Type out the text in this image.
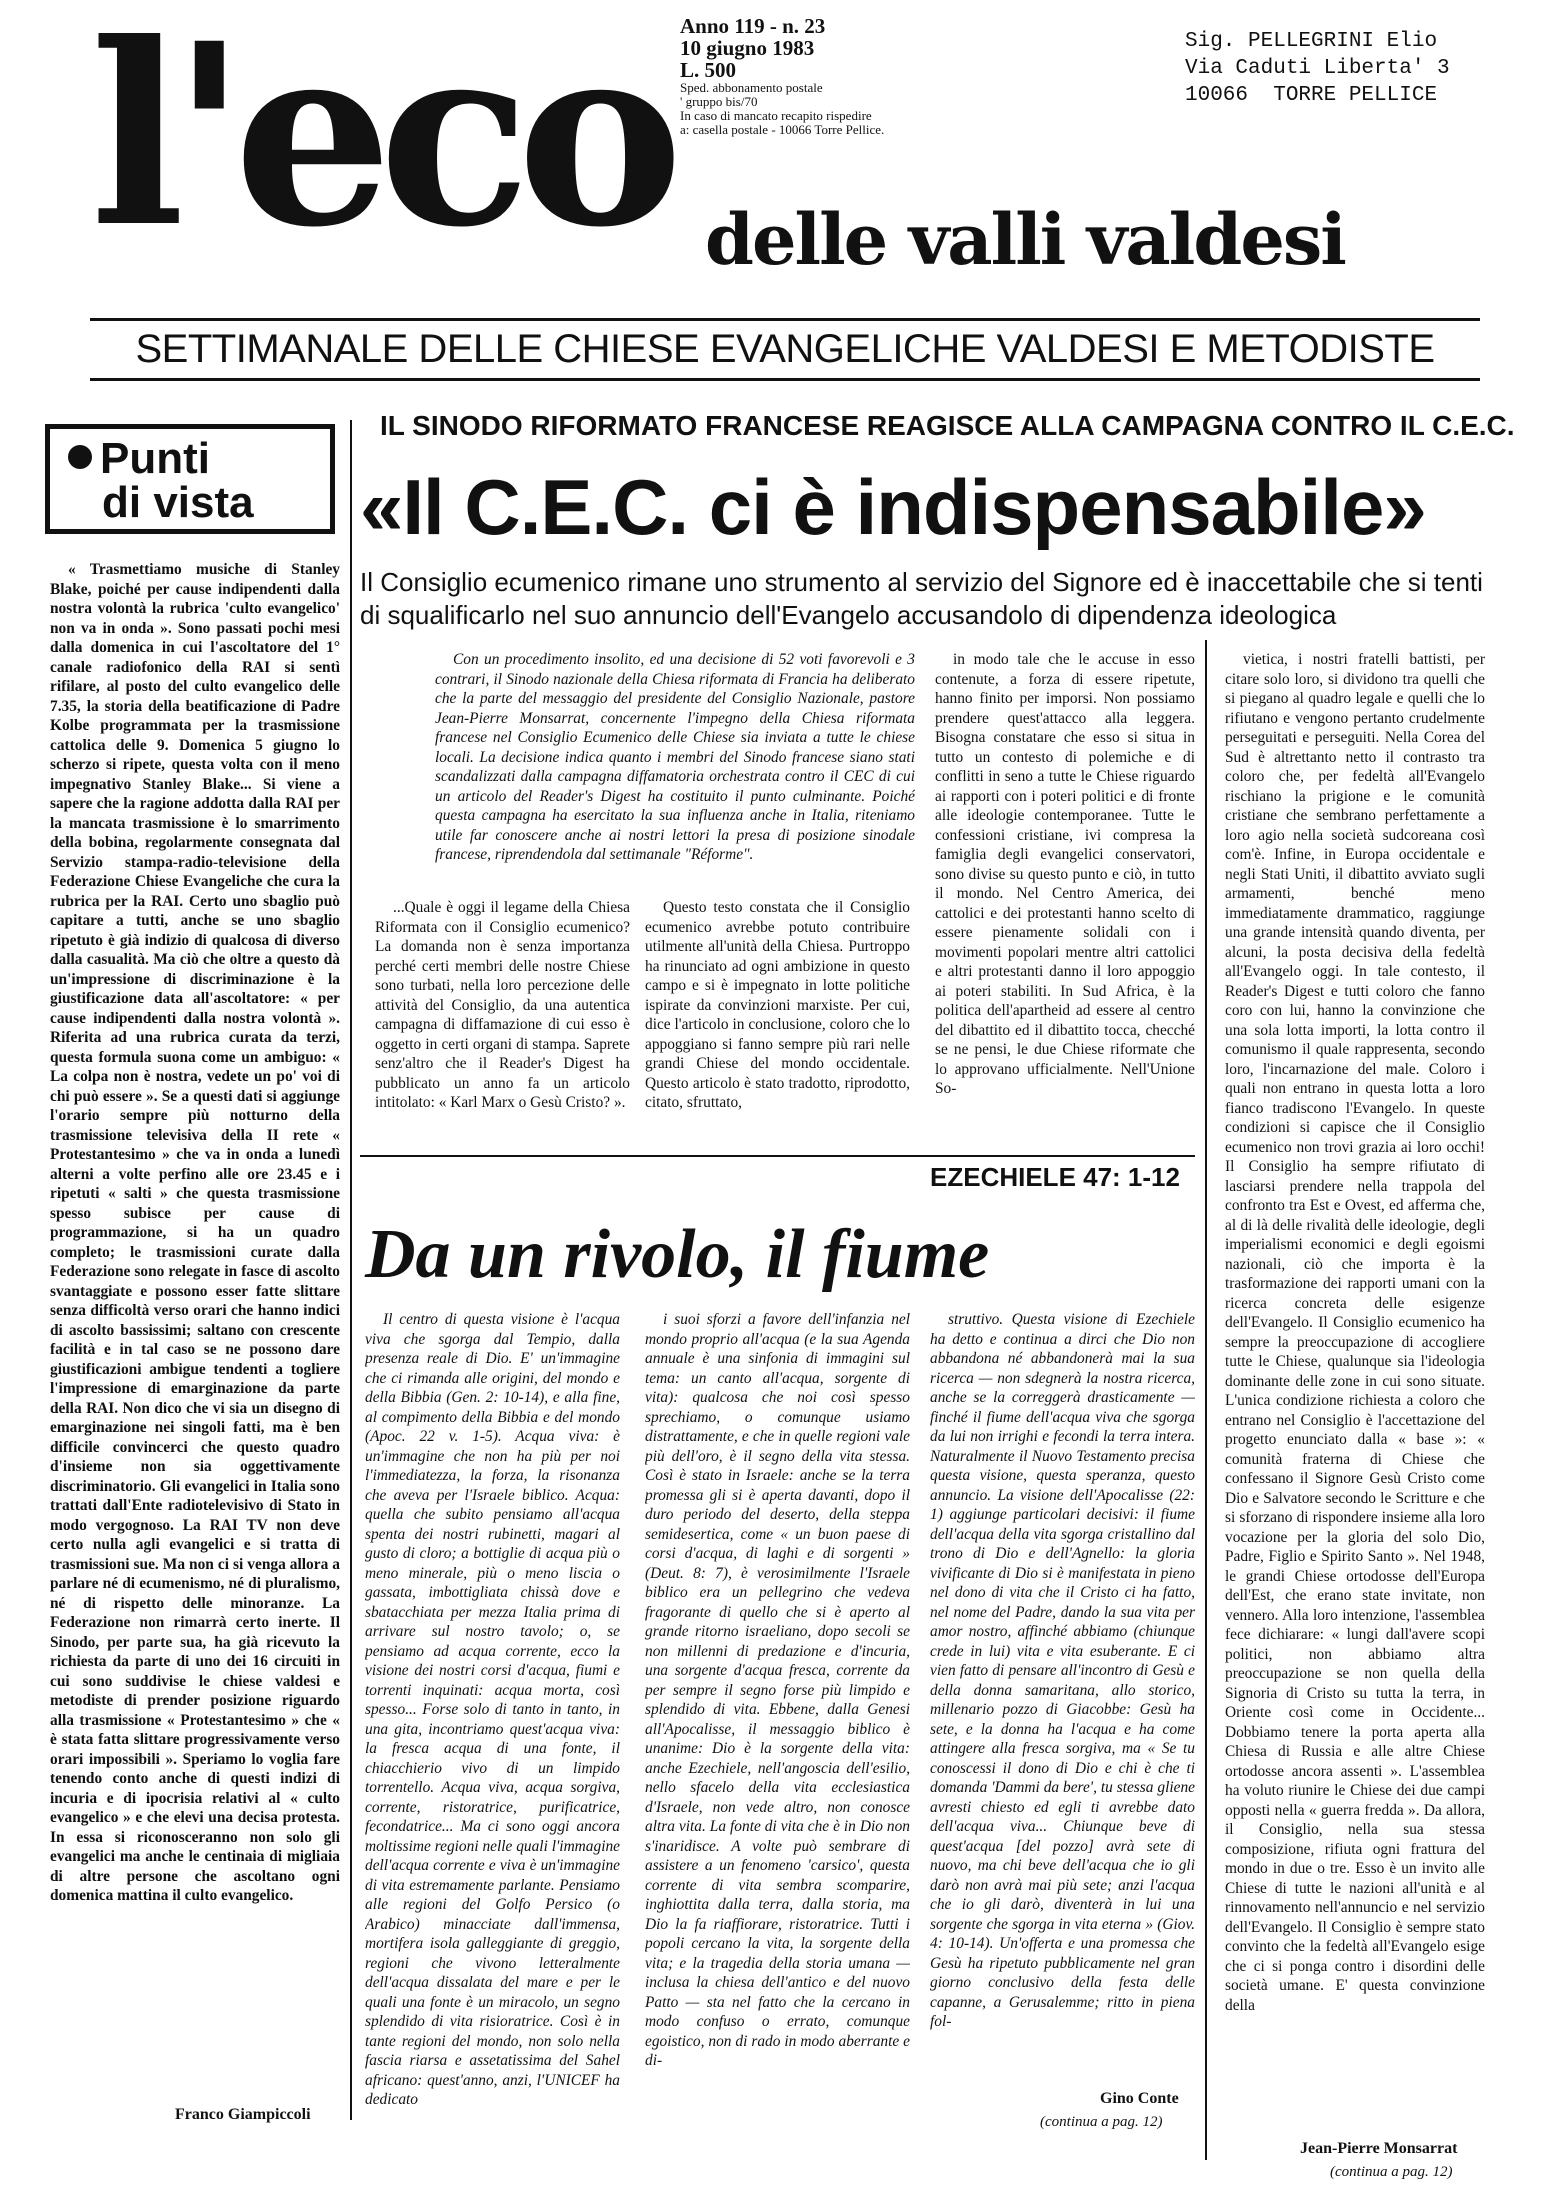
l'eco Anno 119 - n. 23
10 giugno 1983
L. 500
Sped. abbonamento postale
' gruppo bis/70
In caso di mancato recapito rispedire
a: casella postale - 10066 Torre Pellice.
Sig. PELLEGRINI Elio
Via Caduti Liberta' 3
10066  TORRE PELLICE
delle valli valdesi
SETTIMANALE DELLE CHIESE EVANGELICHE VALDESI E METODISTE
Punti
di vista

« Trasmettiamo musiche di Stanley Blake, poiché per cause indipendenti dalla nostra volontà la rubrica 'culto evangelico' non va in onda ». Sono passati pochi mesi dalla domenica in cui l'ascoltatore del 1° canale radiofonico della RAI si sentì rifilare, al posto del culto evangelico delle 7.35, la storia della beatificazione di Padre Kolbe programmata per la trasmissione cattolica delle 9. Domenica 5 giugno lo scherzo si ripete, questa volta con il meno impegnativo Stanley Blake... Si viene a sapere che la ragione addotta dalla RAI per la mancata trasmissione è lo smarrimento della bobina, regolarmente consegnata dal Servizio stampa-radio-televisione della Federazione Chiese Evangeliche che cura la rubrica per la RAI. Certo uno sbaglio può capitare a tutti, anche se uno sbaglio ripetuto è già indizio di qualcosa di diverso dalla casualità. Ma ciò che oltre a questo dà un'impressione di discriminazione è la giustificazione data all'ascoltatore: « per cause indipendenti dalla nostra volontà ». Riferita ad una rubrica curata da terzi, questa formula suona come un ambiguo: « La colpa non è nostra, vedete un po' voi di chi può essere ». Se a questi dati si aggiunge l'orario sempre più notturno della trasmissione televisiva della II rete « Protestantesimo » che va in onda a lunedì alterni a volte perfino alle ore 23.45 e i ripetuti « salti » che questa trasmissione spesso subisce per cause di programmazione, si ha un quadro completo; le trasmissioni curate dalla Federazione sono relegate in fasce di ascolto svantaggiate e possono esser fatte slittare senza difficoltà verso orari che hanno indici di ascolto bassissimi; saltano con crescente facilità e in tal caso se ne possono dare giustificazioni ambigue tendenti a togliere l'impressione di emarginazione da parte della RAI. Non dico che vi sia un disegno di emarginazione nei singoli fatti, ma è ben difficile convincerci che questo quadro d'insieme non sia oggettivamente discriminatorio. Gli evangelici in Italia sono trattati dall'Ente radiotelevisivo di Stato in modo vergognoso. La RAI TV non deve certo nulla agli evangelici e si tratta di trasmissioni sue. Ma non ci si venga allora a parlare né di ecumenismo, né di pluralismo, né di rispetto delle minoranze. La Federazione non rimarrà certo inerte. Il Sinodo, per parte sua, ha già ricevuto la richiesta da parte di uno dei 16 circuiti in cui sono suddivise le chiese valdesi e metodiste di prender posizione riguardo alla trasmissione « Protestantesimo » che « è stata fatta slittare progressivamente verso orari impossibili ». Speriamo lo voglia fare tenendo conto anche di questi indizi di incuria e di ipocrisia relativi al « culto evangelico » e che elevi una decisa protesta. In essa si riconosceranno non solo gli evangelici ma anche le centinaia di migliaia di altre persone che ascoltano ogni domenica mattina il culto evangelico.

Franco Giampiccoli
IL SINODO RIFORMATO FRANCESE REAGISCE ALLA CAMPAGNA CONTRO IL C.E.C.
«Il C.E.C. ci è indispensabile»
Il Consiglio ecumenico rimane uno strumento al servizio del Signore ed è inaccettabile che si tenti di squalificarlo nel suo annuncio dell'Evangelo accusandolo di dipendenza ideologica

Con un procedimento insolito, ed una decisione di 52 voti favorevoli e 3 contrari, il Sinodo nazionale della Chiesa riformata di Francia ha deliberato che la parte del messaggio del presidente del Consiglio Nazionale, pastore Jean-Pierre Monsarrat, concernente l'impegno della Chiesa riformata francese nel Consiglio Ecumenico delle Chiese sia inviata a tutte le chiese locali. La decisione indica quanto i membri del Sinodo francese siano stati scandalizzati dalla campagna diffamatoria orchestrata contro il CEC di cui un articolo del Reader's Digest ha costituito il punto culminante. Poiché questa campagna ha esercitato la sua influenza anche in Italia, riteniamo utile far conoscere anche ai nostri lettori la presa di posizione sinodale francese, riprendendola dal settimanale "Réforme".

...Quale è oggi il legame della Chiesa Riformata con il Consiglio ecumenico? La domanda non è senza importanza perché certi membri delle nostre Chiese sono turbati, nella loro percezione delle attività del Consiglio, da una autentica campagna di diffamazione di cui esso è oggetto in certi organi di stampa. Saprete senz'altro che il Reader's Digest ha pubblicato un anno fa un articolo intitolato: « Karl Marx o Gesù Cristo? ».

Questo testo constata che il Consiglio ecumenico avrebbe potuto contribuire utilmente all'unità della Chiesa. Purtroppo ha rinunciato ad ogni ambizione in questo campo e si è impegnato in lotte politiche ispirate da convinzioni marxiste. Per cui, dice l'articolo in conclusione, coloro che lo appoggiano si fanno sempre più rari nelle grandi Chiese del mondo occidentale. Questo articolo è stato tradotto, riprodotto, citato, sfruttato,

in modo tale che le accuse in esso contenute, a forza di essere ripetute, hanno finito per imporsi. Non possiamo prendere quest'attacco alla leggera. Bisogna constatare che esso si situa in tutto un contesto di polemiche e di conflitti in seno a tutte le Chiese riguardo ai rapporti con i poteri politici e di fronte alle ideologie contemporanee. Tutte le confessioni cristiane, ivi compresa la famiglia degli evangelici conservatori, sono divise su questo punto e ciò, in tutto il mondo. Nel Centro America, dei cattolici e dei protestanti hanno scelto di essere pienamente solidali con i movimenti popolari mentre altri cattolici e altri protestanti danno il loro appoggio ai poteri stabiliti. In Sud Africa, è la politica dell'apartheid ad essere al centro del dibattito ed il dibattito tocca, checché se ne pensi, le due Chiese riformate che lo approvano ufficialmente. Nell'Unione So-

vietica, i nostri fratelli battisti, per citare solo loro, si dividono tra quelli che si piegano al quadro legale e quelli che lo rifiutano e vengono pertanto crudelmente perseguitati e perseguiti. Nella Corea del Sud è altrettanto netto il contrasto tra coloro che, per fedeltà all'Evangelo rischiano la prigione e le comunità cristiane che sembrano perfettamente a loro agio nella società sudcoreana così com'è. Infine, in Europa occidentale e negli Stati Uniti, il dibattito avviato sugli armamenti, benché meno immediatamente drammatico, raggiunge una grande intensità quando diventa, per alcuni, la posta decisiva della fedeltà all'Evangelo oggi. In tale contesto, il Reader's Digest e tutti coloro che fanno coro con lui, hanno la convinzione che una sola lotta importi, la lotta contro il comunismo il quale rappresenta, secondo loro, l'incarnazione del male. Coloro i quali non entrano in questa lotta a loro fianco tradiscono l'Evangelo. In queste condizioni si capisce che il Consiglio ecumenico non trovi grazia ai loro occhi! Il Consiglio ha sempre rifiutato di lasciarsi prendere nella trappola del confronto tra Est e Ovest, ed afferma che, al di là delle rivalità delle ideologie, degli imperialismi economici e degli egoismi nazionali, ciò che importa è la trasformazione dei rapporti umani con la ricerca concreta delle esigenze dell'Evangelo. Il Consiglio ecumenico ha sempre la preoccupazione di accogliere tutte le Chiese, qualunque sia l'ideologia dominante delle zone in cui sono situate. L'unica condizione richiesta a coloro che entrano nel Consiglio è l'accettazione del progetto enunciato dalla « base »: « comunità fraterna di Chiese che confessano il Signore Gesù Cristo come Dio e Salvatore secondo le Scritture e che si sforzano di rispondere insieme alla loro vocazione per la gloria del solo Dio, Padre, Figlio e Spirito Santo ». Nel 1948, le grandi Chiese ortodosse dell'Europa dell'Est, che erano state invitate, non vennero. Alla loro intenzione, l'assemblea fece dichiarare: « lungi dall'avere scopi politici, non abbiamo altra preoccupazione se non quella della Signoria di Cristo su tutta la terra, in Oriente così come in Occidente... Dobbiamo tenere la porta aperta alla Chiesa di Russia e alle altre Chiese ortodosse ancora assenti ». L'assemblea ha voluto riunire le Chiese dei due campi opposti nella « guerra fredda ». Da allora, il Consiglio, nella sua stessa composizione, rifiuta ogni frattura del mondo in due o tre. Esso è un invito alle Chiese di tutte le nazioni all'unità e al rinnovamento nell'annuncio e nel servizio dell'Evangelo. Il Consiglio è sempre stato convinto che la fedeltà all'Evangelo esige che ci si ponga contro i disordini delle società umane. E' questa convinzione della

Jean-Pierre Monsarrat
(continua a pag. 12)
EZECHIELE 47: 1-12
Da un rivolo, il fiume

Il centro di questa visione è l'acqua viva che sgorga dal Tempio, dalla presenza reale di Dio. E' un'immagine che ci rimanda alle origini, del mondo e della Bibbia (Gen. 2: 10-14), e alla fine, al compimento della Bibbia e del mondo (Apoc. 22 v. 1-5). Acqua viva: è un'immagine che non ha più per noi l'immediatezza, la forza, la risonanza che aveva per l'Israele biblico. Acqua: quella che subito pensiamo all'acqua spenta dei nostri rubinetti, magari al gusto di cloro; a bottiglie di acqua più o meno minerale, più o meno liscia o gassata, imbottigliata chissà dove e sbatacchiata per mezza Italia prima di arrivare sul nostro tavolo; o, se pensiamo ad acqua corrente, ecco la visione dei nostri corsi d'acqua, fiumi e torrenti inquinati: acqua morta, così spesso... Forse solo di tanto in tanto, in una gita, incontriamo quest'acqua viva: la fresca acqua di una fonte, il chiacchierio vivo di un limpido torrentello. Acqua viva, acqua sorgiva, corrente, ristoratrice, purificatrice, fecondatrice... Ma ci sono oggi ancora moltissime regioni nelle quali l'immagine dell'acqua corrente e viva è un'immagine di vita estremamente parlante. Pensiamo alle regioni del Golfo Persico (o Arabico) minacciate dall'immensa, mortifera isola galleggiante di greggio, regioni che vivono letteralmente dell'acqua dissalata del mare e per le quali una fonte è un miracolo, un segno splendido di vita risioratrice. Così è in tante regioni del mondo, non solo nella fascia riarsa e assetatissima del Sahel africano: quest'anno, anzi, l'UNICEF ha dedicato

i suoi sforzi a favore dell'infanzia nel mondo proprio all'acqua (e la sua Agenda annuale è una sinfonia di immagini sul tema: un canto all'acqua, sorgente di vita): qualcosa che noi così spesso sprechiamo, o comunque usiamo distrattamente, e che in quelle regioni vale più dell'oro, è il segno della vita stessa. Così è stato in Israele: anche se la terra promessa gli si è aperta davanti, dopo il duro periodo del deserto, della steppa semidesertica, come « un buon paese di corsi d'acqua, di laghi e di sorgenti » (Deut. 8: 7), è verosimilmente l'Israele biblico era un pellegrino che vedeva fragorante di quello che si è aperto al grande ritorno israeliano, dopo secoli se non millenni di predazione e d'incuria, una sorgente d'acqua fresca, corrente da per sempre il segno forse più limpido e splendido di vita. Ebbene, dalla Genesi all'Apocalisse, il messaggio biblico è unanime: Dio è la sorgente della vita: anche Ezechiele, nell'angoscia dell'esilio, nello sfacelo della vita ecclesiastica d'Israele, non vede altro, non conosce altra vita. La fonte di vita che è in Dio non s'inaridisce. A volte può sembrare di assistere a un fenomeno 'carsico', questa corrente di vita sembra scomparire, inghiottita dalla terra, dalla storia, ma Dio la fa riaffiorare, ristoratrice. Tutti i popoli cercano la vita, la sorgente della vita; e la tragedia della storia umana — inclusa la chiesa dell'antico e del nuovo Patto — sta nel fatto che la cercano in modo confuso o errato, comunque egoistico, non di rado in modo aberrante e di-

struttivo. Questa visione di Ezechiele ha detto e continua a dirci che Dio non abbandona né abbandonerà mai la sua ricerca — non sdegnerà la nostra ricerca, anche se la correggerà drasticamente — finché il fiume dell'acqua viva che sgorga da lui non irrighi e fecondi la terra intera. Naturalmente il Nuovo Testamento precisa questa visione, questa speranza, questo annuncio. La visione dell'Apocalisse (22: 1) aggiunge particolari decisivi: il fiume dell'acqua della vita sgorga cristallino dal trono di Dio e dell'Agnello: la gloria vivificante di Dio si è manifestata in pieno nel dono di vita che il Cristo ci ha fatto, nel nome del Padre, dando la sua vita per amor nostro, affinché abbiamo (chiunque crede in lui) vita e vita esuberante. E ci vien fatto di pensare all'incontro di Gesù e della donna samaritana, allo storico, millenario pozzo di Giacobbe: Gesù ha sete, e la donna ha l'acqua e ha come attingere alla fresca sorgiva, ma « Se tu conoscessi il dono di Dio e chi è che ti domanda 'Dammi da bere', tu stessa gliene avresti chiesto ed egli ti avrebbe dato dell'acqua viva... Chiunque beve di quest'acqua [del pozzo] avrà sete di nuovo, ma chi beve dell'acqua che io gli darò non avrà mai più sete; anzi l'acqua che io gli darò, diventerà in lui una sorgente che sgorga in vita eterna » (Giov. 4: 10-14). Un'offerta e una promessa che Gesù ha ripetuto pubblicamente nel gran giorno conclusivo della festa delle capanne, a Gerusalemme; ritto in piena fol-

Gino Conte
(continua a pag. 12)
